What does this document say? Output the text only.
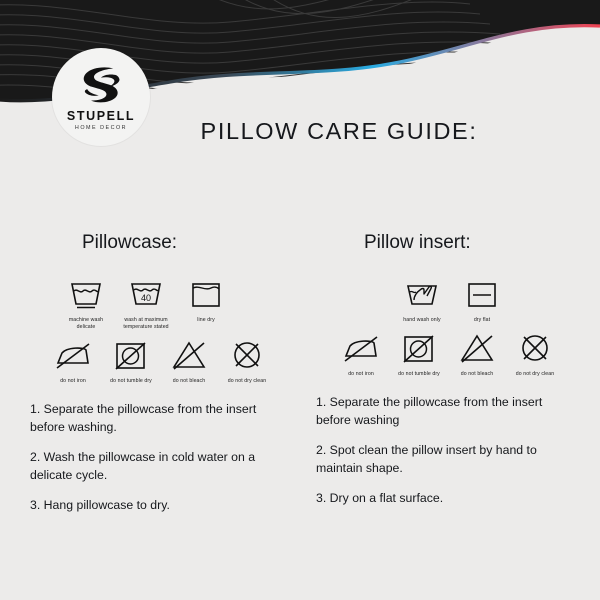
STUPELL
HOME DECOR	PILLOW CARE GUIDE:
Pillowcase:
machine wash
delicate
40
wash at maximum
temperature stated
line dry
do not iron	do not tumble dry	do not bleach	do not dry clean
1. Separate the pillowcase from the insert before washing.
2. Wash the pillowcase in cold water on a delicate cycle.
3. Hang pillowcase to dry.
Pillow insert:
hand wash only	dry flat
do not iron	do not tumble dry	do not bleach	do not dry clean
1. Separate the pillowcase from the insert before washing
2. Spot clean the pillow insert by hand to maintain shape.
3. Dry on a flat surface.
